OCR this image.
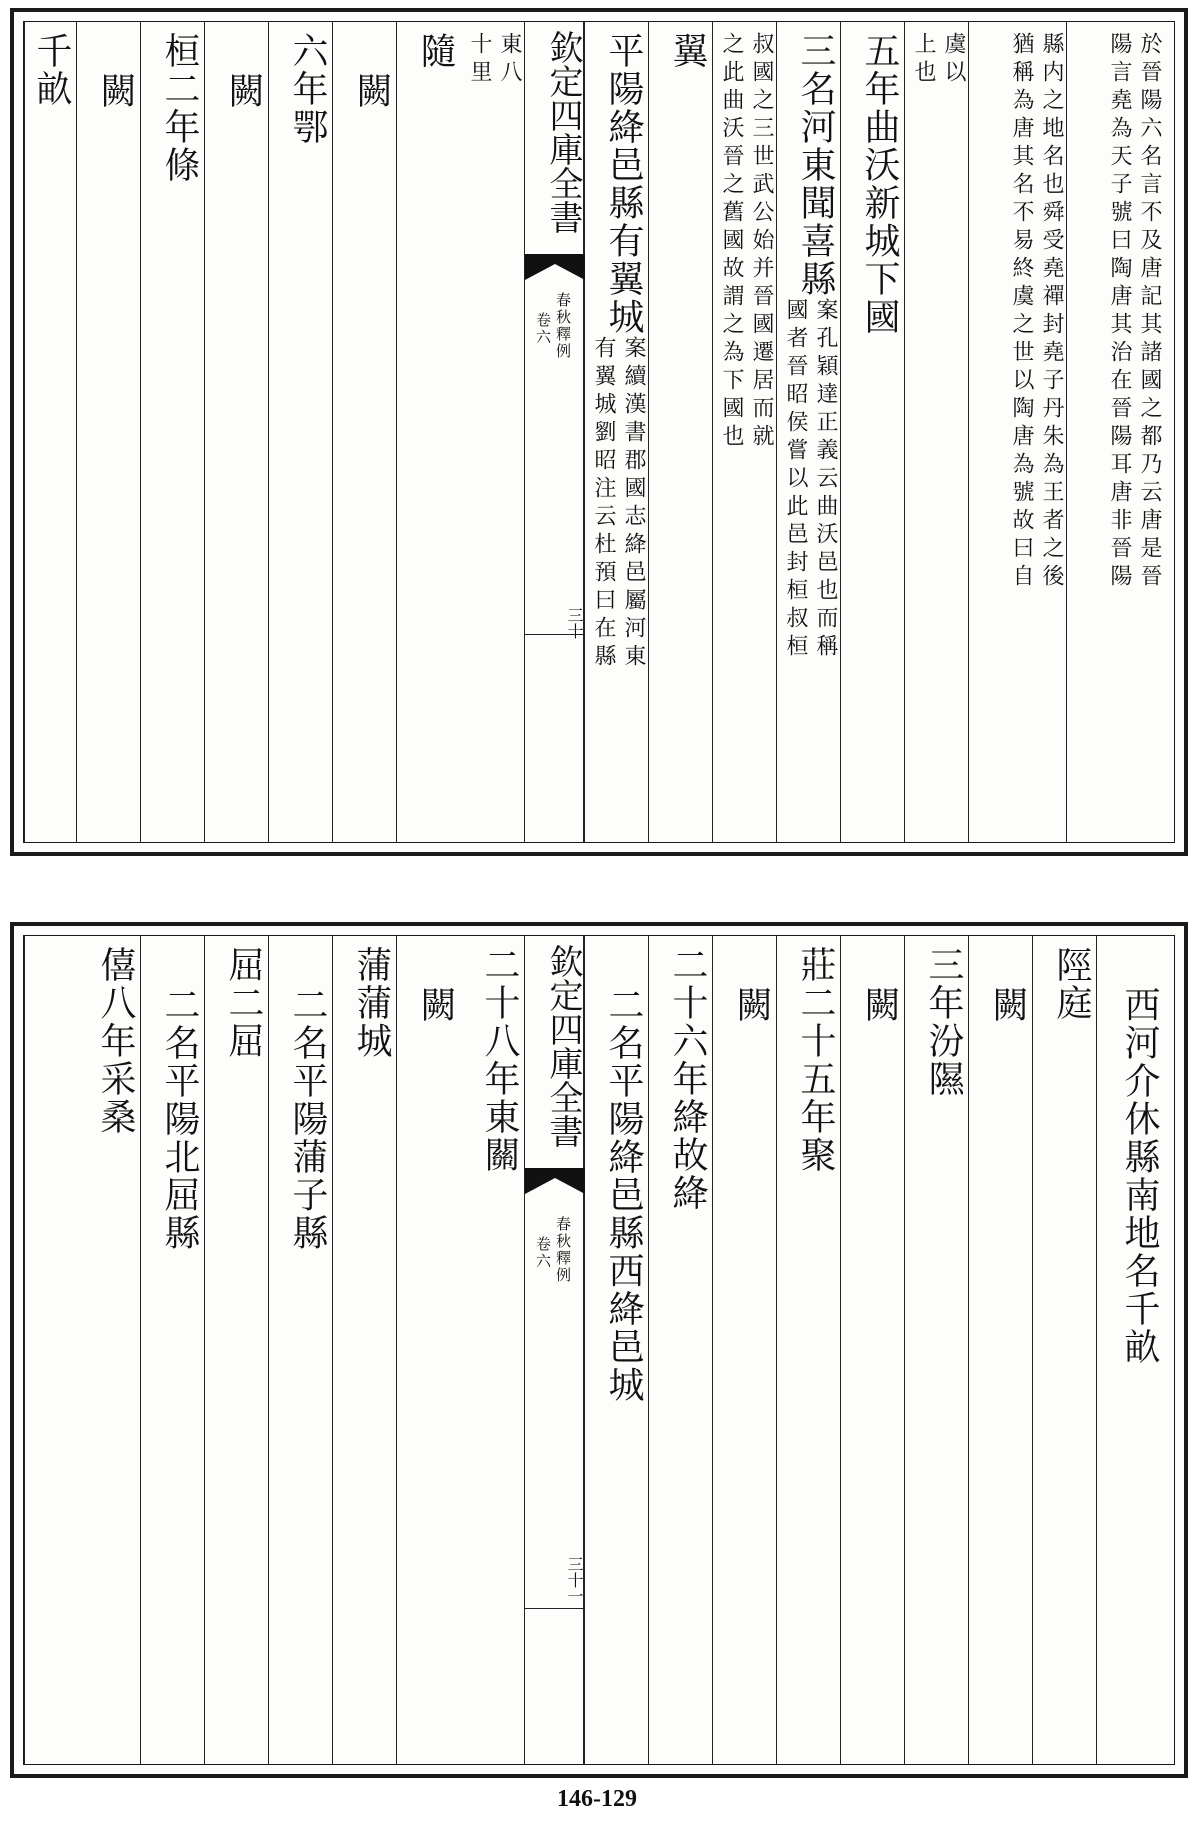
於晉陽六名言不及唐記其諸國之都乃云唐是晉
陽言堯為天子號曰陶唐其治在晉陽耳唐非晉陽
縣内之地名也舜受堯禪封堯子丹朱為王者之後
猶稱為唐其名不易終虞之世以陶唐為號故曰自
虞以
上也
五年曲沃新城下國
三名河東聞喜縣
案孔穎達正義云曲沃邑也而稱
國者晉昭侯嘗以此邑封桓叔桓
叔國之三世武公始并晉國遷居而就
之此曲沃晉之舊國故謂之為下國也
翼
平陽絳邑縣有翼城
案續漢書郡國志絳邑屬河東
有翼城劉昭注云杜預曰在縣
欽定四庫全書
春秋釋例
卷六
三十
東八
十里
隨
闕
六年鄂
闕
桓二年條
闕
千畝
西河介休縣南地名千畝
陘庭
闕
三年汾隰
闕
莊二十五年聚
闕
二十六年絳故絳
二名平陽絳邑縣西絳邑城
欽定四庫全書
春秋釋例
卷六
三十一
二十八年東關
闕
蒲蒲城
二名平陽蒲子縣
屈二屈
二名平陽北屈縣
僖八年采桑
146-129
